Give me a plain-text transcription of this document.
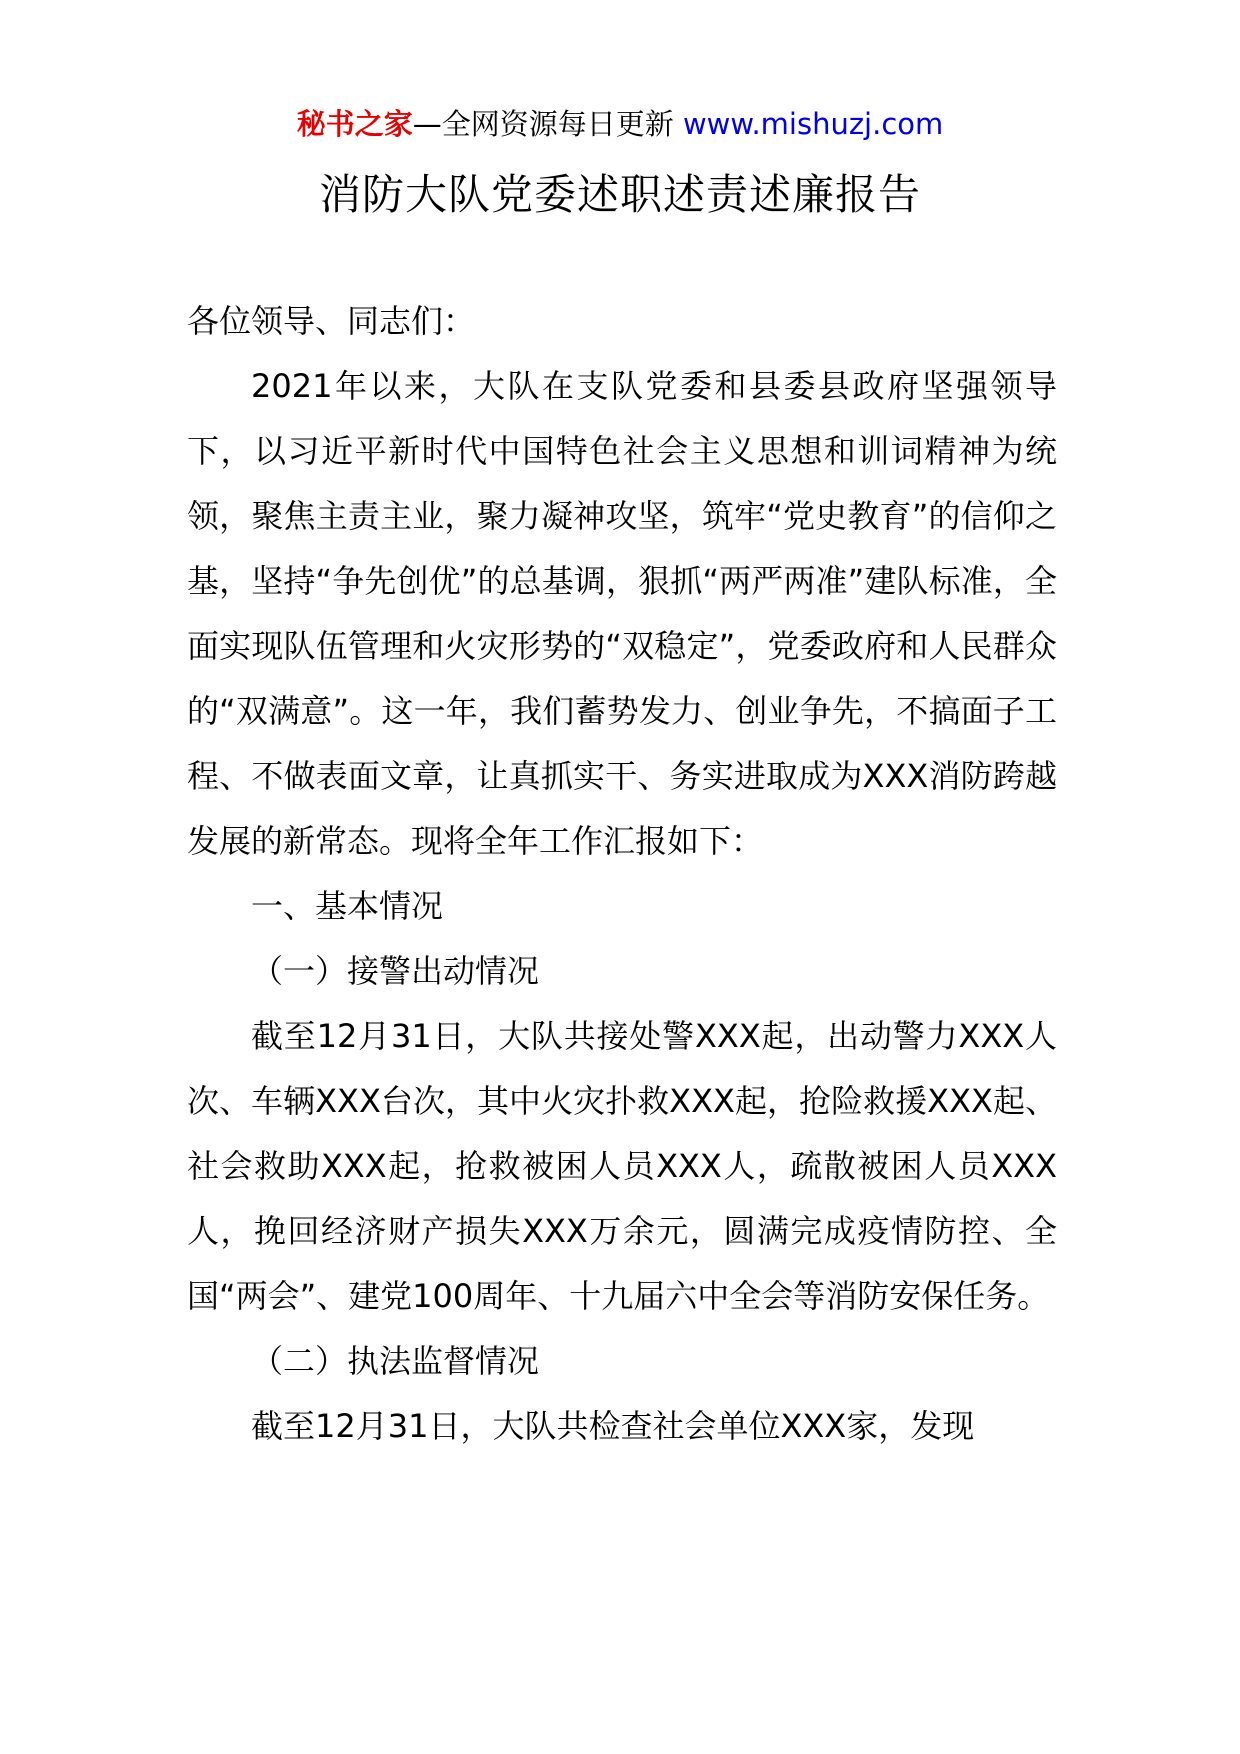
秘书之家—全网资源每日更新 www.mishuzj.com
消防大队党委述职述责述廉报告

各位领导、同志们：

2021年以来，大队在支队党委和县委县政府坚强领导下，以习近平新时代中国特色社会主义思想和训词精神为统领，聚焦主责主业，聚力凝神攻坚，筑牢“党史教育”的信仰之基，坚持“争先创优”的总基调，狠抓“两严两准”建队标准，全面实现队伍管理和火灾形势的“双稳定”，党委政府和人民群众的“双满意”。这一年，我们蓄势发力、创业争先，不搞面子工程、不做表面文章，让真抓实干、务实进取成为XXX消防跨越发展的新常态。现将全年工作汇报如下：

一、基本情况

（一）接警出动情况

截至12月31日，大队共接处警XXX起，出动警力XXX人次、车辆XXX台次，其中火灾扑救XXX起，抢险救援XXX起、社会救助XXX起，抢救被困人员XXX人，疏散被困人员XXX人，挽回经济财产损失XXX万余元，圆满完成疫情防控、全国“两会”、建党100周年、十九届六中全会等消防安保任务。

（二）执法监督情况

截至12月31日，大队共检查社会单位XXX家，发现
